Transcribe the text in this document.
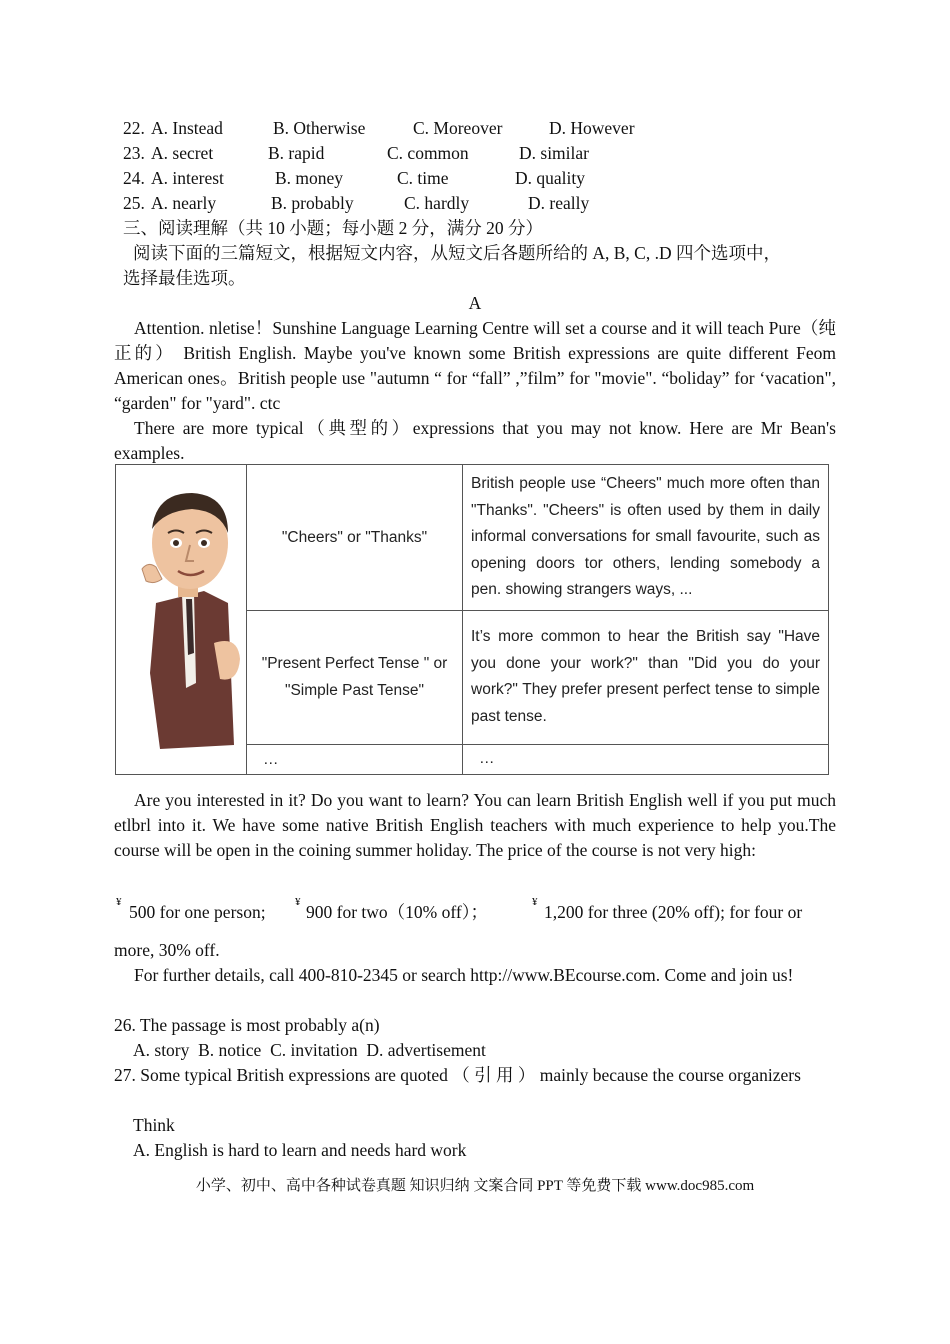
22. A. Instead	B. Otherwise	C. Moreover	D. However
23. A. secret	B. rapid	C. common	D. similar
24. A. interest	B. money	C. time	D. quality
25. A. nearly	B. probably	C. hardly	D. really
三、阅读理解（共 10 小题；每小题 2 分，满分 20 分）
阅读下面的三篇短文，根据短文内容，从短文后各题所给的 A, B, C, .D 四个选项中，
选择最佳选项。
A
Attention. nletise！Sunshine Language Learning Centre will set a course and it will teach Pure（纯正的） British English. Maybe you've known some British expressions are quite different Feom American ones。British people use "autumn “ for “fall” ,”film” for "movie". “boliday” for ‘vacation", “garden" for "yard". ctc
There are more typical（典型的）expressions that you may not know. Here are Mr Bean's examples.
	"Cheers" or "Thanks"	British people use “Cheers" much more often than "Thanks". "Cheers" is often used by them in daily informal conversations for small favourite, such as opening doors tor others, lending somebody a pen. showing strangers ways, ...
	"Present Perfect Tense " or "Simple Past Tense"	It’s more common to hear the British say "Have you done your work?" than "Did you do your work?" They prefer present perfect tense to simple past tense.
	…	…
Are you interested in it? Do you want to learn? You can learn British English well if you put much etlbrl into it. We have some native British English teachers with much experience to help you.The course will be open in the coining summer holiday. The price of the course is not very high:
¥ 500 for one person;	¥ 900 for two（10% off）；	¥ 1,200 for three (20% off); for four or
more, 30% off.
For further details, call 400-810-2345 or search http://www.BEcourse.com. Come and join us!
26. The passage is most probably a(n)
A. story  B. notice  C. invitation  D. advertisement
27. Some typical British expressions are quoted （ 引 用 ） mainly because the course organizers
Think
A. English is hard to learn and needs hard work
小学、初中、高中各种试卷真题 知识归纳 文案合同 PPT 等免费下载 www.doc985.com
